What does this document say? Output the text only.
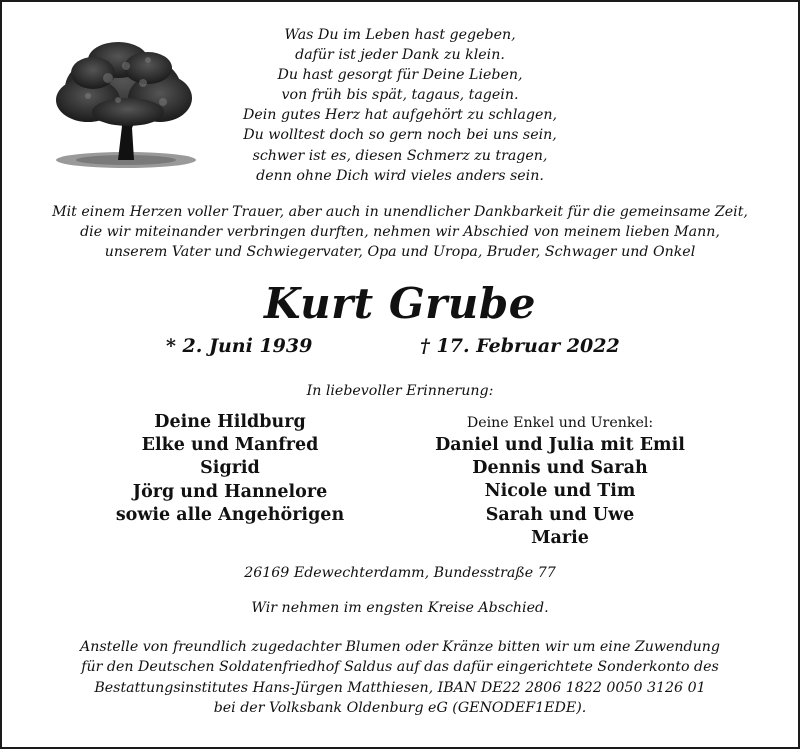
Was Du im Leben hast gegeben,
dafür ist jeder Dank zu klein.
Du hast gesorgt für Deine Lieben,
von früh bis spät, tagaus, tagein.
Dein gutes Herz hat aufgehört zu schlagen,
Du wolltest doch so gern noch bei uns sein,
schwer ist es, diesen Schmerz zu tragen,
denn ohne Dich wird vieles anders sein.
Mit einem Herzen voller Trauer, aber auch in unendlicher Dankbarkeit für die gemeinsame Zeit,
die wir miteinander verbringen durften, nehmen wir Abschied von meinem lieben Mann,
unserem Vater und Schwiegervater, Opa und Uropa, Bruder, Schwager und Onkel
Kurt Grube
* 2. Juni 1939	† 17. Februar 2022
In liebevoller Erinnerung:
Deine Hildburg
Elke und Manfred
Sigrid
Jörg und Hannelore
sowie alle Angehörigen
Deine Enkel und Urenkel:
Daniel und Julia mit Emil
Dennis und Sarah
Nicole und Tim
Sarah und Uwe
Marie
26169 Edewechterdamm, Bundesstraße 77
Wir nehmen im engsten Kreise Abschied.
Anstelle von freundlich zugedachter Blumen oder Kränze bitten wir um eine Zuwendung
für den Deutschen Soldatenfriedhof Saldus auf das dafür eingerichtete Sonderkonto des
Bestattungsinstitutes Hans-Jürgen Matthiesen, IBAN DE22 2806 1822 0050 3126 01
bei der Volksbank Oldenburg eG (GENODEF1EDE).
